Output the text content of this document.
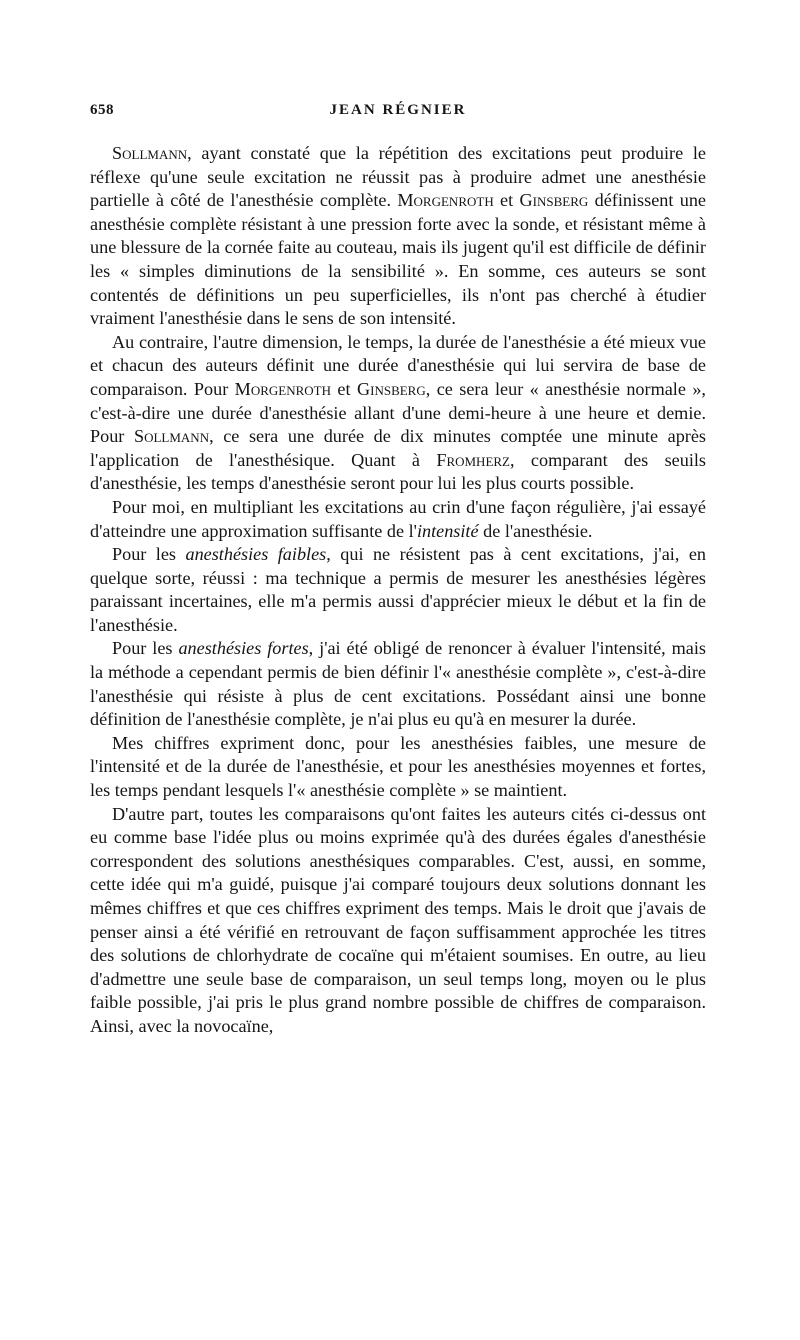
658	JEAN RÉGNIER

Sollmann, ayant constaté que la répétition des excitations peut produire le réflexe qu'une seule excitation ne réussit pas à produire admet une anesthésie partielle à côté de l'anesthésie complète. Morgenroth et Ginsberg définissent une anesthésie complète résistant à une pression forte avec la sonde, et résistant même à une blessure de la cornée faite au couteau, mais ils jugent qu'il est difficile de définir les « simples diminutions de la sensibilité ». En somme, ces auteurs se sont contentés de définitions un peu superficielles, ils n'ont pas cherché à étudier vraiment l'anesthésie dans le sens de son intensité.

Au contraire, l'autre dimension, le temps, la durée de l'anesthésie a été mieux vue et chacun des auteurs définit une durée d'anesthésie qui lui servira de base de comparaison. Pour Morgenroth et Ginsberg, ce sera leur « anesthésie normale », c'est-à-dire une durée d'anesthésie allant d'une demi-heure à une heure et demie. Pour Sollmann, ce sera une durée de dix minutes comptée une minute après l'application de l'anesthésique. Quant à Fromherz, comparant des seuils d'anesthésie, les temps d'anesthésie seront pour lui les plus courts possible.

Pour moi, en multipliant les excitations au crin d'une façon régulière, j'ai essayé d'atteindre une approximation suffisante de l'intensité de l'anesthésie.

Pour les anesthésies faibles, qui ne résistent pas à cent excitations, j'ai, en quelque sorte, réussi : ma technique a permis de mesurer les anesthésies légères paraissant incertaines, elle m'a permis aussi d'apprécier mieux le début et la fin de l'anesthésie.

Pour les anesthésies fortes, j'ai été obligé de renoncer à évaluer l'intensité, mais la méthode a cependant permis de bien définir l'« anesthésie complète », c'est-à-dire l'anesthésie qui résiste à plus de cent excitations. Possédant ainsi une bonne définition de l'anesthésie complète, je n'ai plus eu qu'à en mesurer la durée.

Mes chiffres expriment donc, pour les anesthésies faibles, une mesure de l'intensité et de la durée de l'anesthésie, et pour les anesthésies moyennes et fortes, les temps pendant lesquels l'« anesthésie complète » se maintient.

D'autre part, toutes les comparaisons qu'ont faites les auteurs cités ci-dessus ont eu comme base l'idée plus ou moins exprimée qu'à des durées égales d'anesthésie correspondent des solutions anesthésiques comparables. C'est, aussi, en somme, cette idée qui m'a guidé, puisque j'ai comparé toujours deux solutions donnant les mêmes chiffres et que ces chiffres expriment des temps. Mais le droit que j'avais de penser ainsi a été vérifié en retrouvant de façon suffisamment approchée les titres des solutions de chlorhydrate de cocaïne qui m'étaient soumises. En outre, au lieu d'admettre une seule base de comparaison, un seul temps long, moyen ou le plus faible possible, j'ai pris le plus grand nombre possible de chiffres de comparaison. Ainsi, avec la novocaïne,
